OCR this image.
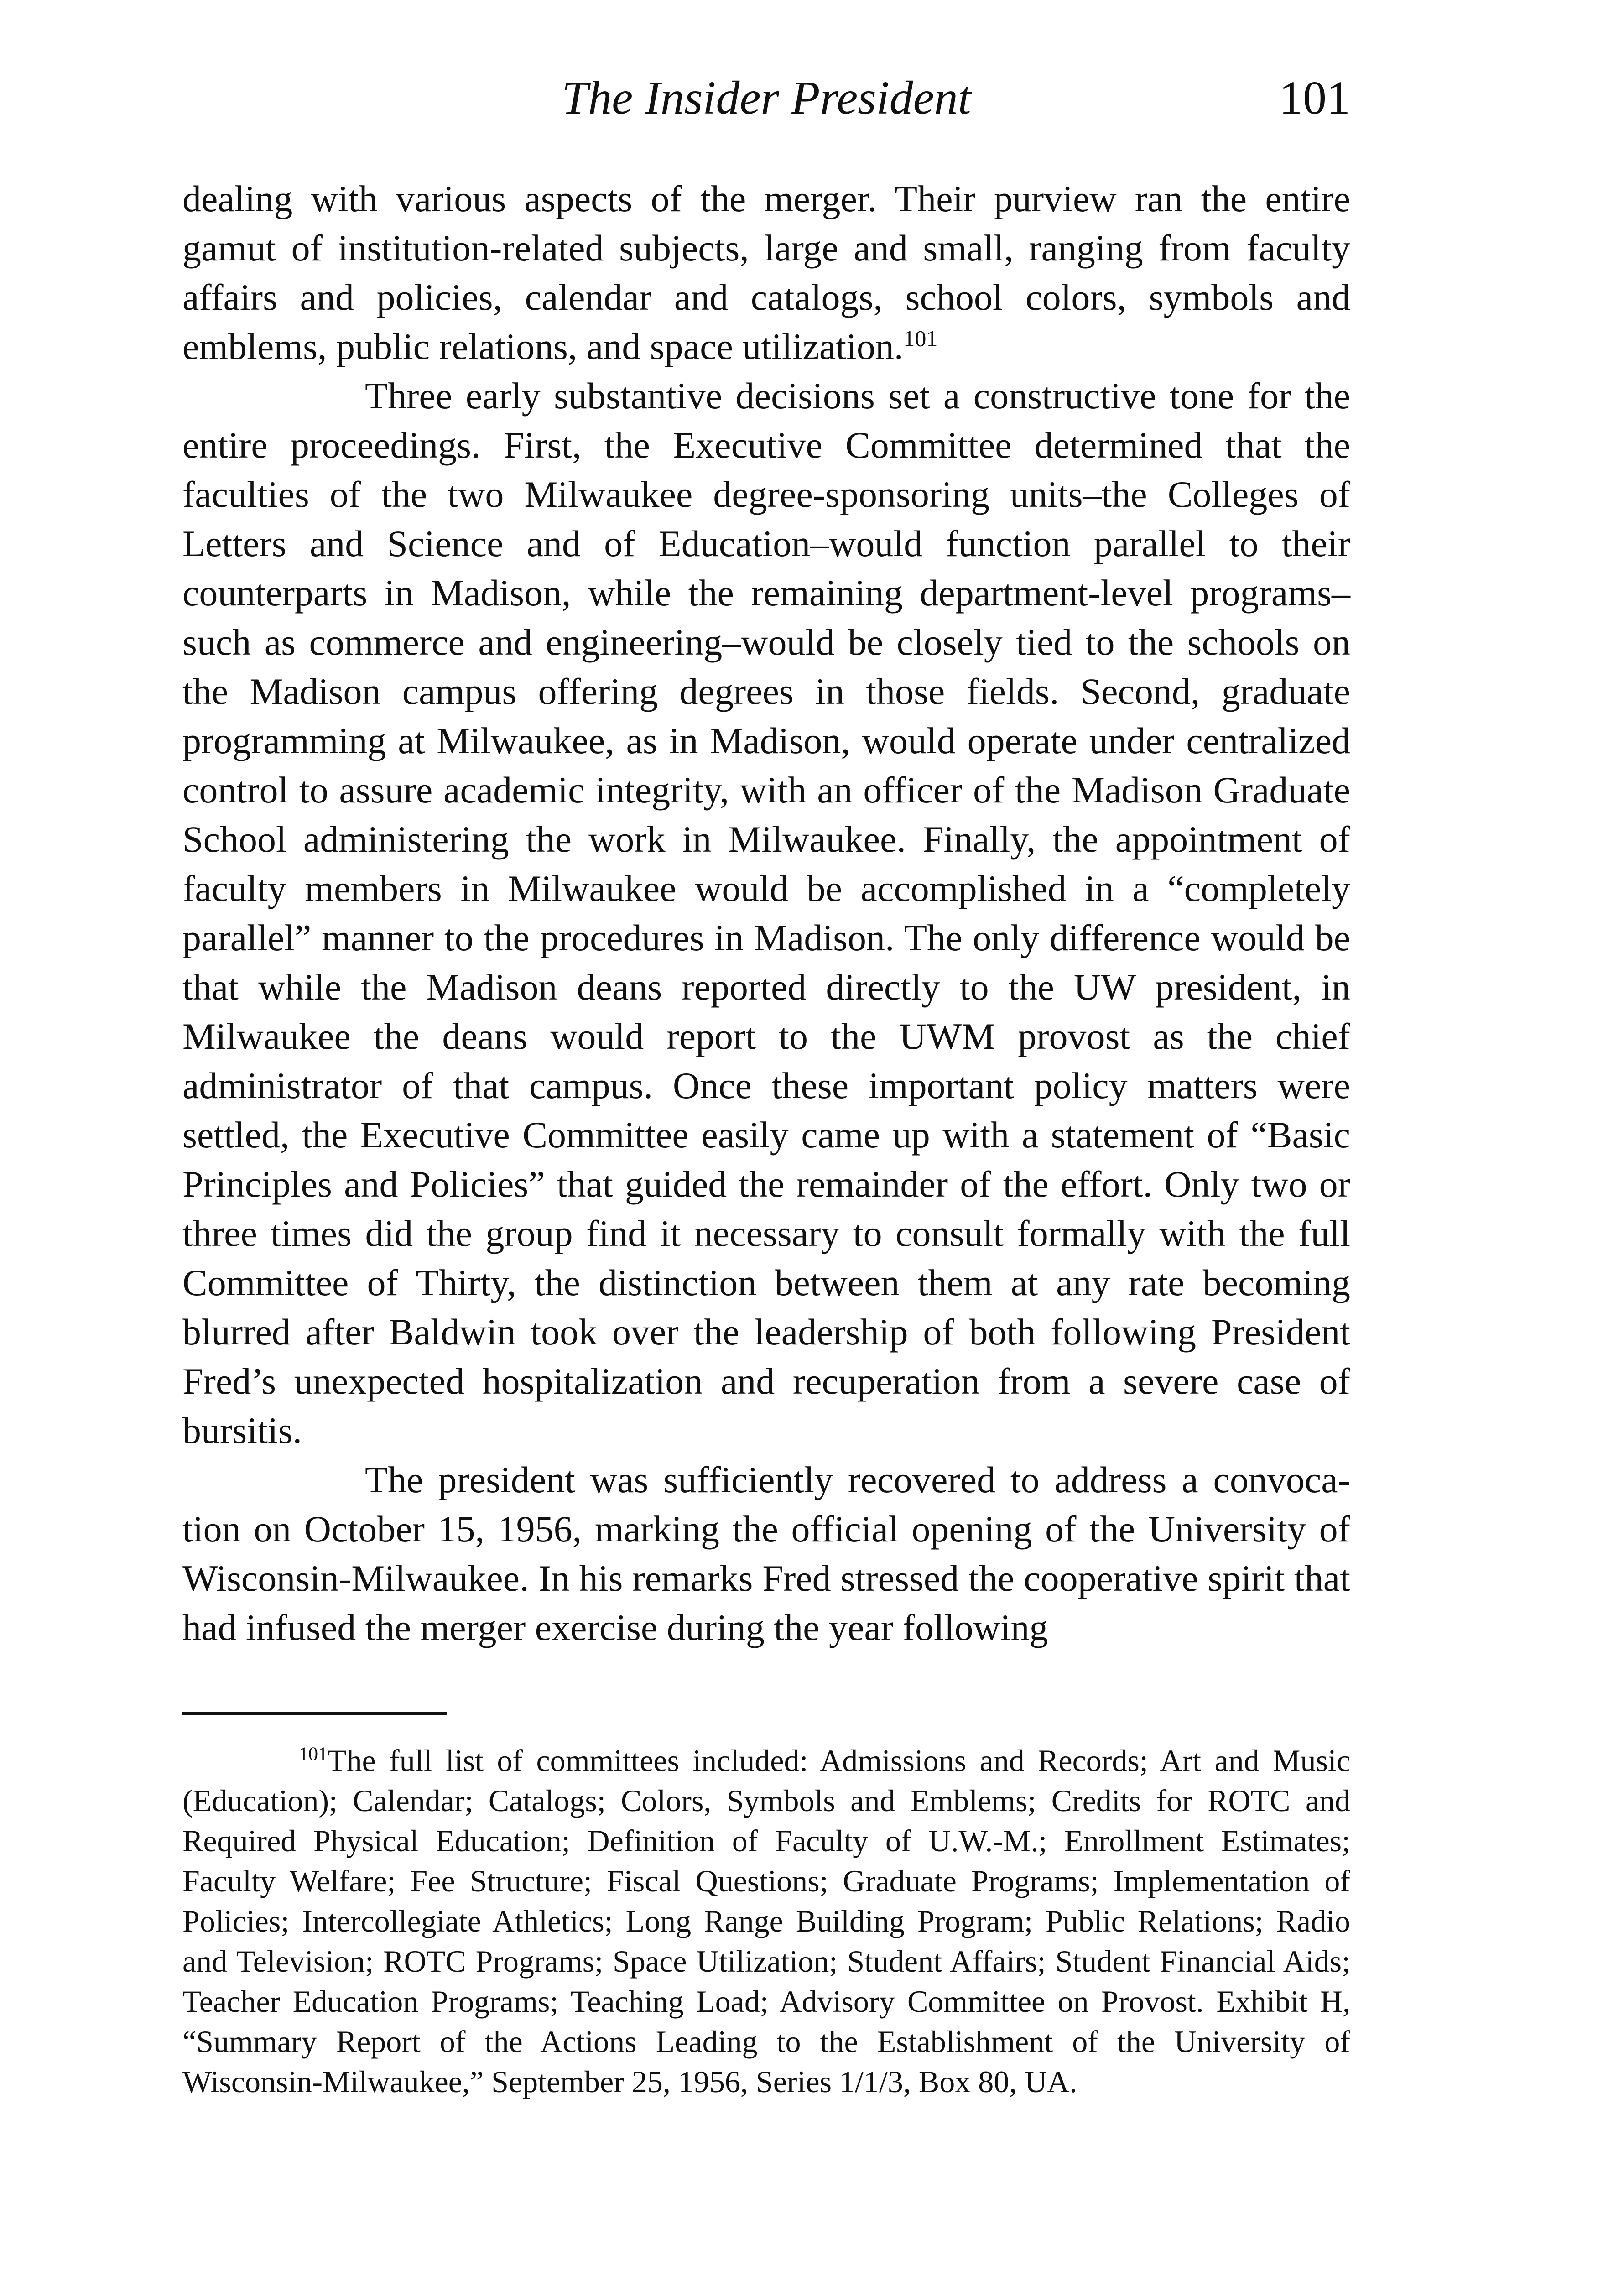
The Insider President	101

dealing with various aspects of the merger. Their purview ran the entire gamut of institution-related subjects, large and small, ranging from faculty affairs and policies, calendar and catalogs, school colors, symbols and emblems, public relations, and space utilization.$^{101}$

Three early substantive decisions set a constructive tone for the entire proceedings. First, the Executive Committee determined that the faculties of the two Milwaukee degree-sponsoring units–the Colleges of Letters and Science and of Education–would function parallel to their counterparts in Madison, while the remaining department-level programs–such as commerce and engineering–would be closely tied to the schools on the Madison campus offering degrees in those fields. Second, graduate programming at Milwaukee, as in Madison, would operate under centralized control to assure academic integrity, with an officer of the Madison Graduate School administering the work in Milwaukee. Finally, the appointment of faculty members in Milwaukee would be accomplished in a “completely parallel” manner to the procedures in Madison. The only difference would be that while the Madison deans reported directly to the UW president, in Milwaukee the deans would report to the UWM provost as the chief administrator of that campus. Once these important policy matters were settled, the Executive Committee easily came up with a statement of “Basic Principles and Policies” that guided the remainder of the effort. Only two or three times did the group find it necessary to consult formally with the full Committee of Thirty, the distinction between them at any rate becoming blurred after Baldwin took over the leadership of both following President Fred’s unexpected hospitalization and recuperation from a severe case of bursitis.

The president was sufficiently recovered to address a convocation on October 15, 1956, marking the official opening of the University of Wisconsin-Milwaukee. In his remarks Fred stressed the cooperative spirit that had infused the merger exercise during the year following

$^{101}$The full list of committees included: Admissions and Records; Art and Music (Education); Calendar; Catalogs; Colors, Symbols and Emblems; Credits for ROTC and Required Physical Education; Definition of Faculty of U.W.-M.; Enrollment Estimates; Faculty Welfare; Fee Structure; Fiscal Questions; Graduate Programs; Implementation of Policies; Intercollegiate Athletics; Long Range Building Program; Public Relations; Radio and Television; ROTC Programs; Space Utilization; Student Affairs; Student Financial Aids; Teacher Education Programs; Teaching Load; Advisory Committee on Provost. Exhibit H, “Summary Report of the Actions Leading to the Establishment of the University of Wisconsin-Milwaukee,” September 25, 1956, Series 1/1/3, Box 80, UA.
